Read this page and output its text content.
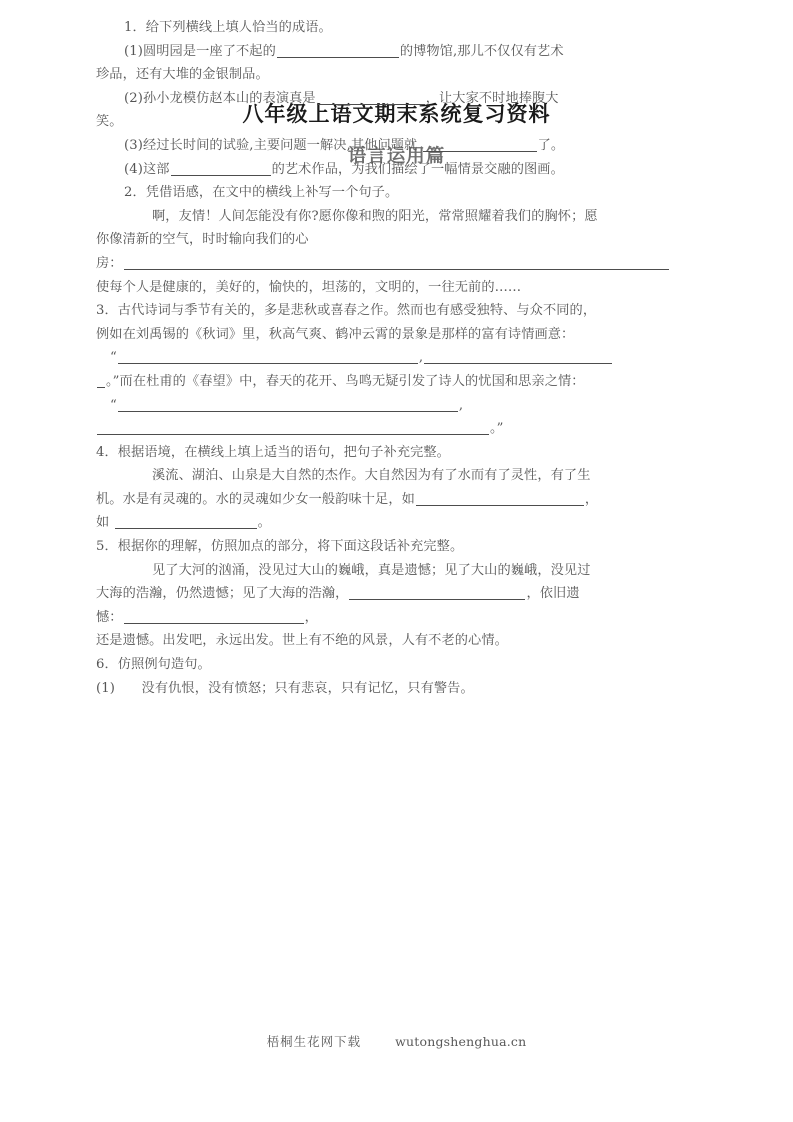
八年级上语文期末系统复习资料
语言运用篇

1．给下列横线上填人恰当的成语。

(1)圆明园是一座了不起的	的博物馆,那儿不仅仅有艺术

珍品，还有大堆的金银制品。

(2)孙小龙模仿赵本山的表演真是	，让大家不时地捧腹大

笑。

(3)经过长时间的试验,主要问题一解决,其他问题就	了。

(4)这部	的艺术作品，为我们描绘了一幅情景交融的图画。

2．凭借语感，在文中的横线上补写一个句子。

啊，友情！人间怎能没有你?愿你像和煦的阳光，常常照耀着我们的胸怀；愿

你像清新的空气，时时输向我们的心

房：

使每个人是健康的，美好的，愉快的，坦荡的，文明的，一往无前的……

3．古代诗词与季节有关的，多是悲秋或喜春之作。然而也有感受独特、与众不同的，

例如在刘禹锡的《秋词》里，秋高气爽、鹤冲云霄的景象是那样的富有诗情画意：

“	,

。”而在杜甫的《春望》中，春天的花开、鸟鸣无疑引发了诗人的忧国和思亲之情：

“	,

。”

4．根据语境，在横线上填上适当的语句，把句子补充完整。

溪流、湖泊、山泉是大自然的杰作。大自然因为有了水而有了灵性，有了生

机。水是有灵魂的。水的灵魂如少女一般韵味十足，如	，

如	。

5．根据你的理解，仿照加点的部分，将下面这段话补充完整。

见了大河的汹涌，没见过大山的巍峨，真是遗憾；见了大山的巍峨，没见过

大海的浩瀚，仍然遗憾；见了大海的浩瀚，	，依旧遗

憾：	，

还是遗憾。出发吧，永远出发。世上有不绝的风景，人有不老的心情。

6．仿照例句造句。

(1)　　没有仇恨，没有愤怒；只有悲哀，只有记忆，只有警告。

梧桐生花网下载	wutongshenghua.cn
